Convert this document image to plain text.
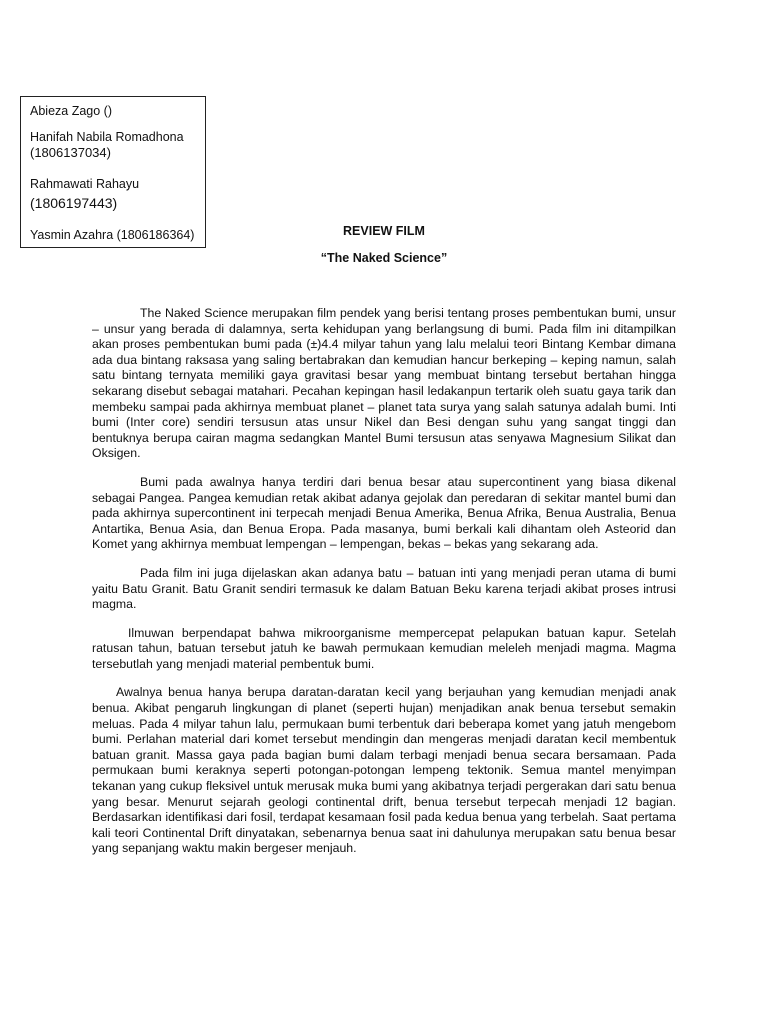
Abieza Zago ()
Hanifah Nabila Romadhona
(1806137034)
Rahmawati Rahayu
(1806197443)
Yasmin Azahra (1806186364)	REVIEW FILM
“The Naked Science”

The Naked Science merupakan film pendek yang berisi tentang proses pembentukan bumi, unsur – unsur yang berada di dalamnya, serta kehidupan yang berlangsung di bumi. Pada film ini ditampilkan akan proses pembentukan bumi pada (±)4.4 milyar tahun yang lalu melalui teori Bintang Kembar dimana ada dua bintang raksasa yang saling bertabrakan dan kemudian hancur berkeping – keping namun, salah satu bintang ternyata memiliki gaya gravitasi besar yang membuat bintang tersebut bertahan hingga sekarang disebut sebagai matahari. Pecahan kepingan hasil ledakanpun tertarik oleh suatu gaya tarik dan membeku sampai pada akhirnya membuat planet – planet tata surya yang salah satunya adalah bumi. Inti bumi (Inter core) sendiri tersusun atas unsur Nikel dan Besi dengan suhu yang sangat tinggi dan bentuknya berupa cairan magma sedangkan Mantel Bumi tersusun atas senyawa Magnesium Silikat dan Oksigen.

Bumi pada awalnya hanya terdiri dari benua besar atau supercontinent yang biasa dikenal sebagai Pangea. Pangea kemudian retak akibat adanya gejolak dan peredaran di sekitar mantel bumi dan pada akhirnya supercontinent ini terpecah menjadi Benua Amerika, Benua Afrika, Benua Australia, Benua Antartika, Benua Asia, dan Benua Eropa. Pada masanya, bumi berkali kali dihantam oleh Asteorid dan Komet yang akhirnya membuat lempengan – lempengan, bekas – bekas yang sekarang ada.

Pada film ini juga dijelaskan akan adanya batu – batuan inti yang menjadi peran utama di bumi yaitu Batu Granit. Batu Granit sendiri termasuk ke dalam Batuan Beku karena terjadi akibat proses intrusi magma.

Ilmuwan berpendapat bahwa mikroorganisme mempercepat pelapukan batuan kapur. Setelah ratusan tahun, batuan tersebut jatuh ke bawah permukaan kemudian meleleh menjadi magma. Magma tersebutlah yang menjadi material pembentuk bumi.

Awalnya benua hanya berupa daratan-daratan kecil yang berjauhan yang kemudian menjadi anak benua. Akibat pengaruh lingkungan di planet (seperti hujan) menjadikan anak benua tersebut semakin meluas. Pada 4 milyar tahun lalu, permukaan bumi terbentuk dari beberapa komet yang jatuh mengebom bumi. Perlahan material dari komet tersebut mendingin dan mengeras menjadi daratan kecil membentuk batuan granit. Massa gaya pada bagian bumi dalam terbagi menjadi benua secara bersamaan. Pada permukaan bumi keraknya seperti potongan-potongan lempeng tektonik. Semua mantel menyimpan tekanan yang cukup fleksivel untuk merusak muka bumi yang akibatnya terjadi pergerakan dari satu benua yang besar. Menurut sejarah geologi continental drift, benua tersebut terpecah menjadi 12 bagian. Berdasarkan identifikasi dari fosil, terdapat kesamaan fosil pada kedua benua yang terbelah. Saat pertama kali teori Continental Drift dinyatakan, sebenarnya benua saat ini dahulunya merupakan satu benua besar yang sepanjang waktu makin bergeser menjauh.
